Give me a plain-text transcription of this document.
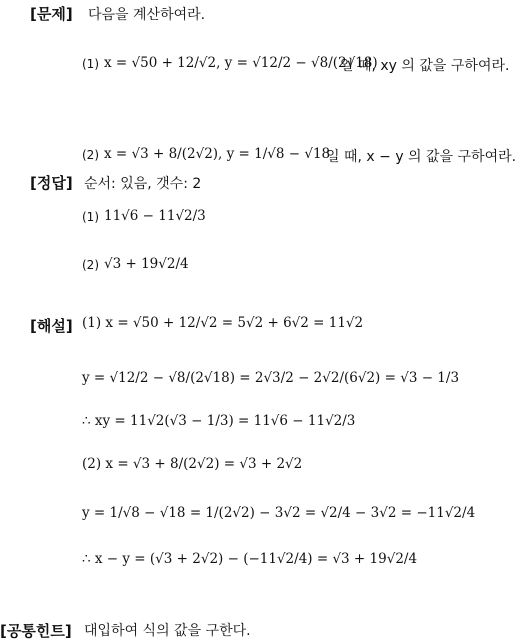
[문제] 다음을 계산하여라.
(1) x = √50 + 12/√2, y = √12/2 − √8/(2√18)
일 때, xy 의 값을 구하여라.
(2) x = √3 + 8/(2√2), y = 1/√8 − √18
일 때, x − y 의 값을 구하여라.
[정답] 순서: 있음, 갯수: 2
(1) 11√6 − 11√2/3
(2) √3 + 19√2/4
[해설] (1) x = √50 + 12/√2 = 5√2 + 6√2 = 11√2
y = √12/2 − √8/(2√18) = 2√3/2 − 2√2/(6√2) = √3 − 1/3
∴ xy = 11√2(√3 − 1/3) = 11√6 − 11√2/3
(2) x = √3 + 8/(2√2) = √3 + 2√2
y = 1/√8 − √18 = 1/(2√2) − 3√2 = √2/4 − 3√2 = −11√2/4
∴ x − y = (√3 + 2√2) − (−11√2/4) = √3 + 19√2/4
[공통힌트] 대입하여 식의 값을 구한다.
